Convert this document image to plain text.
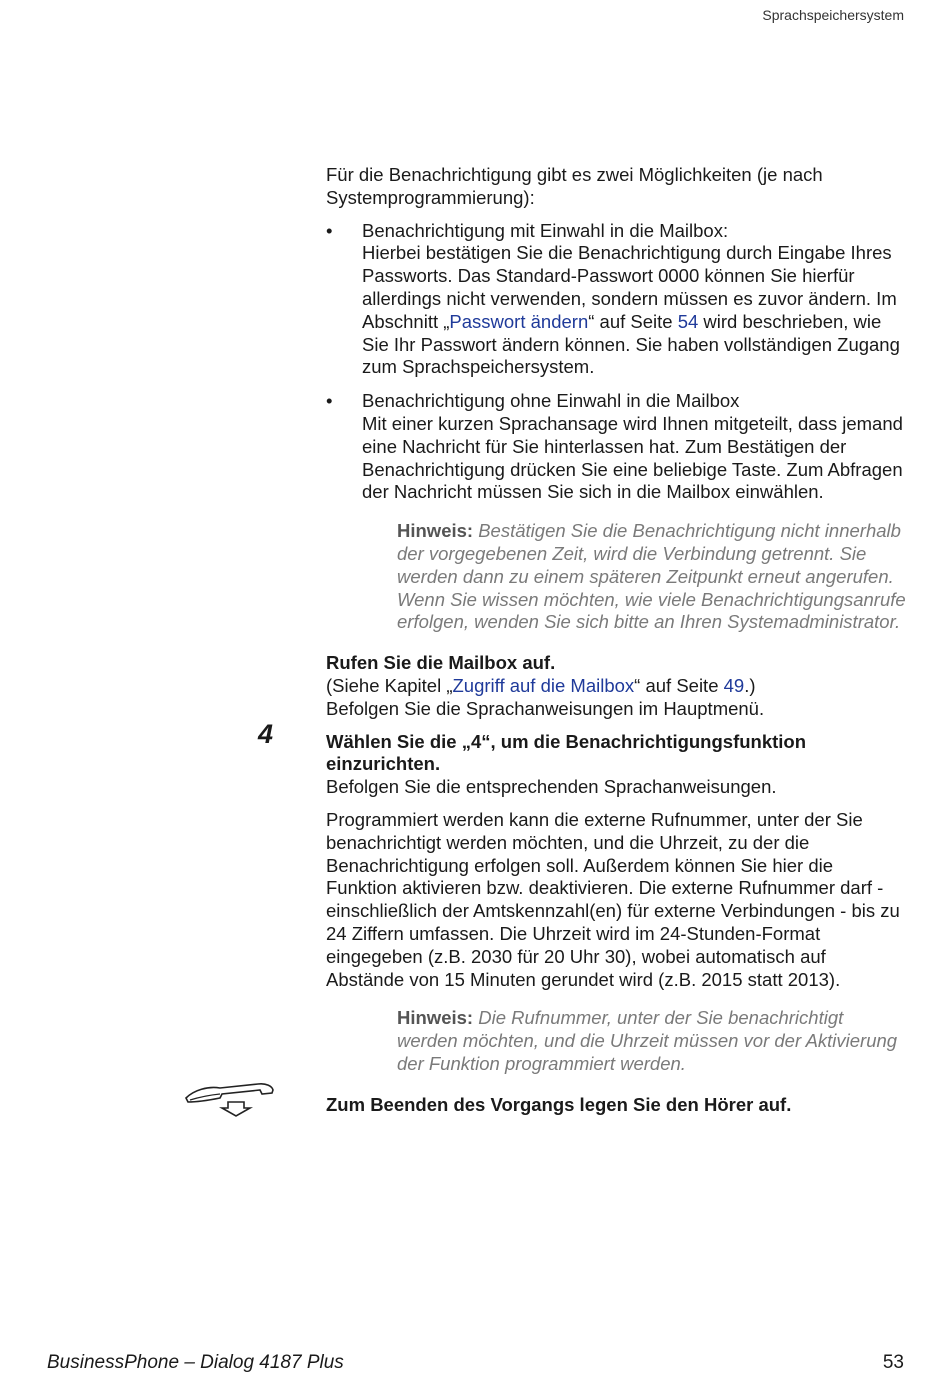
Sprachspeichersystem

Für die Benachrichtigung gibt es zwei Möglichkeiten (je nach Systemprogrammierung):

• Benachrichtigung mit Einwahl in die Mailbox:
Hierbei bestätigen Sie die Benachrichtigung durch Eingabe Ihres Passworts. Das Standard-Passwort 0000 können Sie hierfür allerdings nicht verwenden, sondern müssen es zuvor ändern. Im Abschnitt „Passwort ändern“ auf Seite 54 wird beschrieben, wie Sie Ihr Passwort ändern können. Sie haben vollständigen Zugang zum Sprachspeichersystem.
• Benachrichtigung ohne Einwahl in die Mailbox
Mit einer kurzen Sprachansage wird Ihnen mitgeteilt, dass jemand eine Nachricht für Sie hinterlassen hat. Zum Bestätigen der Benachrichtigung drücken Sie eine beliebige Taste. Zum Abfragen der Nachricht müssen Sie sich in die Mailbox einwählen.

Hinweis: Bestätigen Sie die Benachrichtigung nicht innerhalb der vorgegebenen Zeit, wird die Verbindung getrennt. Sie werden dann zu einem späteren Zeitpunkt erneut angerufen. Wenn Sie wissen möchten, wie viele Benachrichtigungsanrufe erfolgen, wenden Sie sich bitte an Ihren Systemadministrator.

Rufen Sie die Mailbox auf.
(Siehe Kapitel „Zugriff auf die Mailbox“ auf Seite 49.)
Befolgen Sie die Sprachanweisungen im Hauptmenü.
4	Wählen Sie die „4“, um die Benachrichtigungsfunktion einzurichten.
Befolgen Sie die entsprechenden Sprachanweisungen.

Programmiert werden kann die externe Rufnummer, unter der Sie benachrichtigt werden möchten, und die Uhrzeit, zu der die Benachrichtigung erfolgen soll. Außerdem können Sie hier die Funktion aktivieren bzw. deaktivieren. Die externe Rufnummer darf - einschließlich der Amtskennzahl(en) für externe Verbindungen - bis zu 24 Ziffern umfassen. Die Uhrzeit wird im 24-Stunden-Format eingegeben (z.B. 2030 für 20 Uhr 30), wobei automatisch auf Abstände von 15 Minuten gerundet wird (z.B. 2015 statt 2013).

Hinweis: Die Rufnummer, unter der Sie benachrichtigt werden möchten, und die Uhrzeit müssen vor der Aktivierung der Funktion programmiert werden.

Zum Beenden des Vorgangs legen Sie den Hörer auf.
BusinessPhone – Dialog 4187 Plus	53
